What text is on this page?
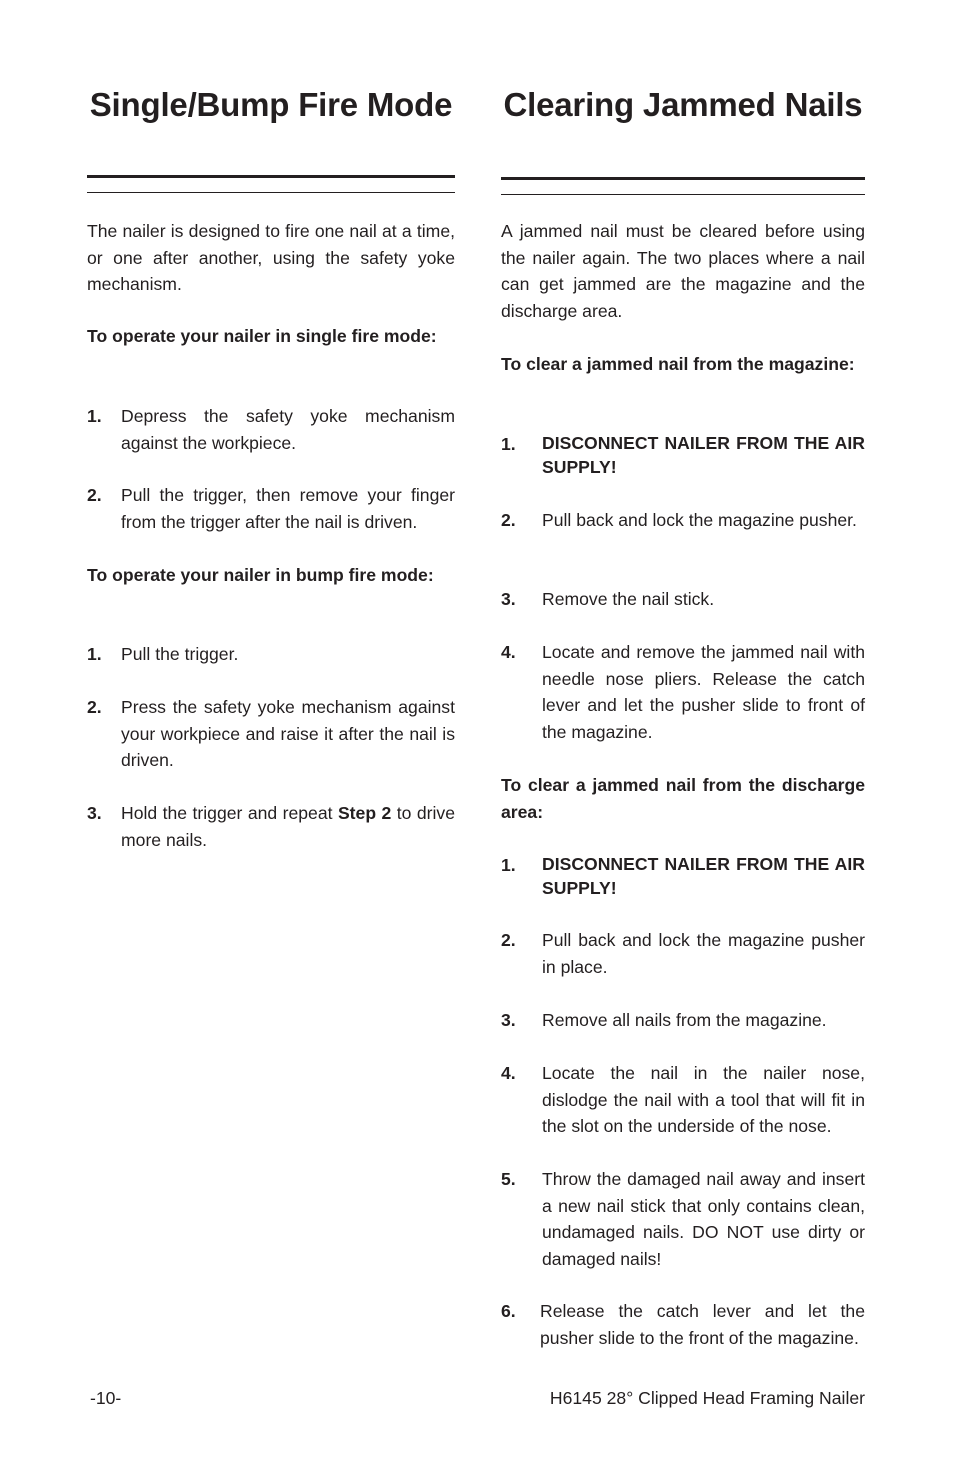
Single/Bump Fire Mode
The nailer is designed to fire one nail at a time, or one after another, using the safety yoke mechanism.
To operate your nailer in single fire mode:
1. Depress the safety yoke mechanism against the workpiece.
2. Pull the trigger, then remove your finger from the trigger after the nail is driven.
To operate your nailer in bump fire mode:
1. Pull the trigger.
2. Press the safety yoke mechanism against your workpiece and raise it after the nail is driven.
3. Hold the trigger and repeat Step 2 to drive more nails.
Clearing Jammed Nails
A jammed nail must be cleared before using the nailer again. The two places where a nail can get jammed are the magazine and the discharge area.
To clear a jammed nail from the magazine:
1. DISCONNECT NAILER FROM THE AIR SUPPLY!
2. Pull back and lock the magazine pusher.
3. Remove the nail stick.
4. Locate and remove the jammed nail with needle nose pliers. Release the catch lever and let the pusher slide to front of the magazine.
To clear a jammed nail from the discharge area:
1. DISCONNECT NAILER FROM THE AIR SUPPLY!
2. Pull back and lock the magazine pusher in place.
3. Remove all nails from the magazine.
4. Locate the nail in the nailer nose, dislodge the nail with a tool that will fit in the slot on the underside of the nose.
5. Throw the damaged nail away and insert a new nail stick that only contains clean, undamaged nails. DO NOT use dirty or damaged nails!
6. Release the catch lever and let the pusher slide to the front of the magazine.
-10-	H6145 28° Clipped Head Framing Nailer
